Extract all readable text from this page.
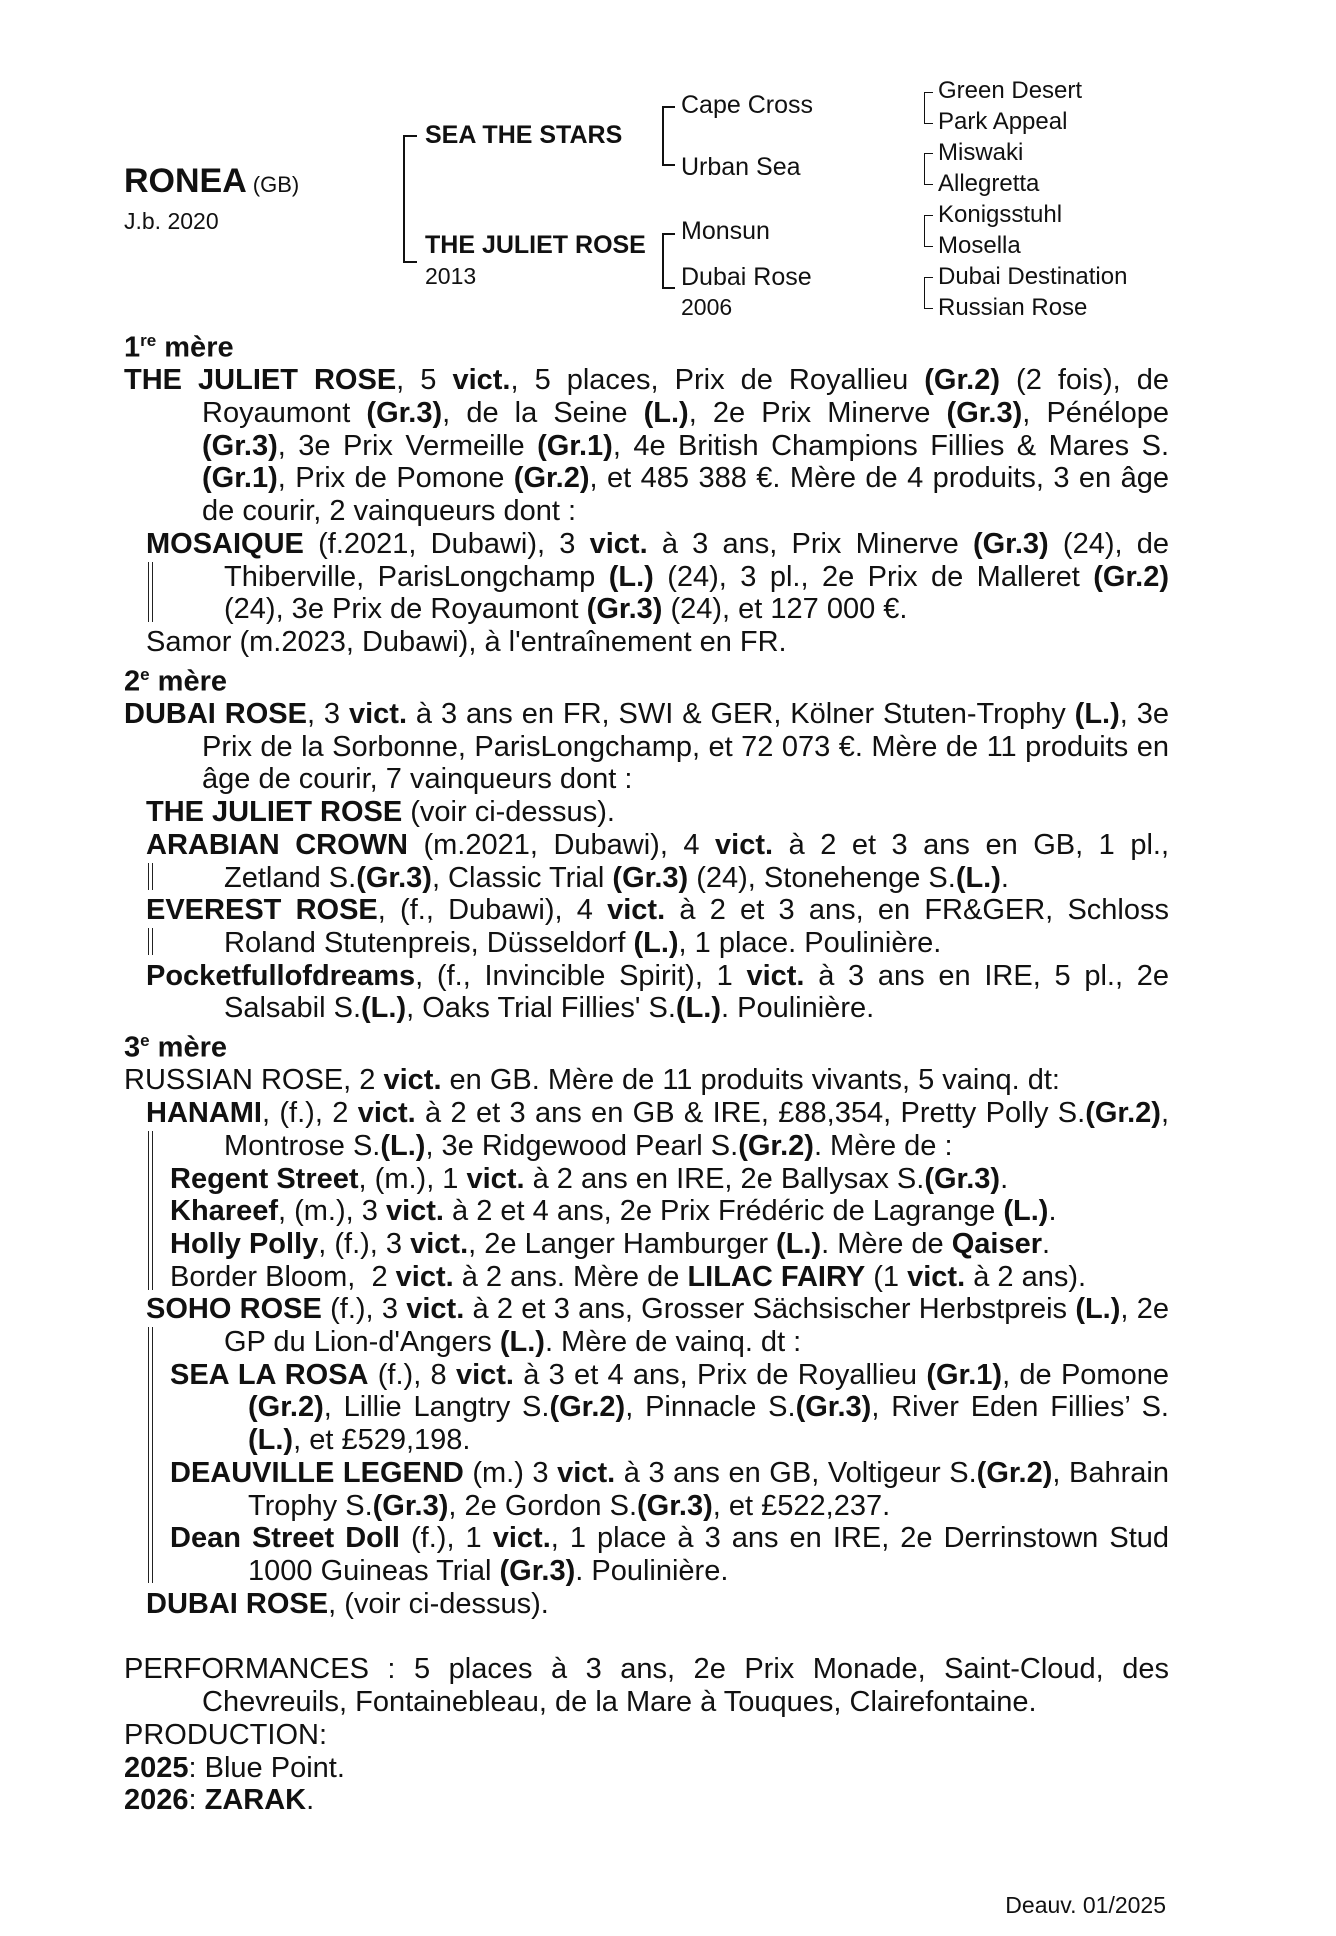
RONEA (GB)
J.b. 2020
SEA THE STARS
THE JULIET ROSE
2013
Cape Cross
Urban Sea
Monsun
Dubai Rose
2006
Green Desert
Park Appeal
Miswaki
Allegretta
Konigsstuhl
Mosella
Dubai Destination
Russian Rose
1re mère
THE JULIET ROSE, 5 vict., 5 places, Prix de Royallieu (Gr.2) (2 fois), de Royaumont (Gr.3), de la Seine (L.), 2e Prix Minerve (Gr.3), Pénélope (Gr.3), 3e Prix Vermeille (Gr.1), 4e British Champions Fillies & Mares S.(Gr.1), Prix de Pomone (Gr.2), et 485 388 €. Mère de 4 produits, 3 en âge de courir, 2 vainqueurs dont :
MOSAIQUE (f.2021, Dubawi), 3 vict. à 3 ans, Prix Minerve (Gr.3) (24), de Thiberville, ParisLongchamp (L.) (24), 3 pl., 2e Prix de Malleret (Gr.2) (24), 3e Prix de Royaumont (Gr.3) (24), et 127 000 €.
Samor (m.2023, Dubawi), à l'entraînement en FR.
2e mère
DUBAI ROSE, 3 vict. à 3 ans en FR, SWI & GER, Kölner Stuten-Trophy (L.), 3e Prix de la Sorbonne, ParisLongchamp, et 72 073 €. Mère de 11 produits en âge de courir, 7 vainqueurs dont :
THE JULIET ROSE (voir ci-dessus).
ARABIAN CROWN (m.2021, Dubawi), 4 vict. à 2 et 3 ans en GB, 1 pl., Zetland S.(Gr.3), Classic Trial (Gr.3) (24), Stonehenge S.(L.).
EVEREST ROSE, (f., Dubawi), 4 vict. à 2 et 3 ans, en FR&GER, Schloss Roland Stutenpreis, Düsseldorf (L.), 1 place. Poulinière.
Pocketfullofdreams, (f., Invincible Spirit), 1 vict. à 3 ans en IRE, 5 pl., 2e Salsabil S.(L.), Oaks Trial Fillies' S.(L.). Poulinière.
3e mère
RUSSIAN ROSE, 2 vict. en GB. Mère de 11 produits vivants, 5 vainq. dt:
HANAMI, (f.), 2 vict. à 2 et 3 ans en GB & IRE, £88,354, Pretty Polly S.(Gr.2), Montrose S.(L.), 3e Ridgewood Pearl S.(Gr.2). Mère de :
Regent Street, (m.), 1 vict. à 2 ans en IRE, 2e Ballysax S.(Gr.3).
Khareef, (m.), 3 vict. à 2 et 4 ans, 2e Prix Frédéric de Lagrange (L.).
Holly Polly, (f.), 3 vict., 2e Langer Hamburger (L.). Mère de Qaiser.
Border Bloom,  2 vict. à 2 ans. Mère de LILAC FAIRY (1 vict. à 2 ans).
SOHO ROSE (f.), 3 vict. à 2 et 3 ans, Grosser Sächsischer Herbstpreis (L.), 2e GP du Lion-d'Angers (L.). Mère de vainq. dt :
SEA LA ROSA (f.), 8 vict. à 3 et 4 ans, Prix de Royallieu (Gr.1), de Pomone (Gr.2), Lillie Langtry S.(Gr.2), Pinnacle S.(Gr.3), River Eden Fillies’ S.(L.), et £529,198.
DEAUVILLE LEGEND (m.) 3 vict. à 3 ans en GB, Voltigeur S.(Gr.2), Bahrain Trophy S.(Gr.3), 2e Gordon S.(Gr.3), et £522,237.
Dean Street Doll (f.), 1 vict., 1 place à 3 ans en IRE, 2e Derrinstown Stud 1000 Guineas Trial (Gr.3). Poulinière.
DUBAI ROSE, (voir ci-dessus).
PERFORMANCES : 5 places à 3 ans, 2e Prix Monade, Saint-Cloud, des Chevreuils, Fontainebleau, de la Mare à Touques, Clairefontaine.
PRODUCTION:
2025: Blue Point.
2026: ZARAK.
Deauv. 01/2025
